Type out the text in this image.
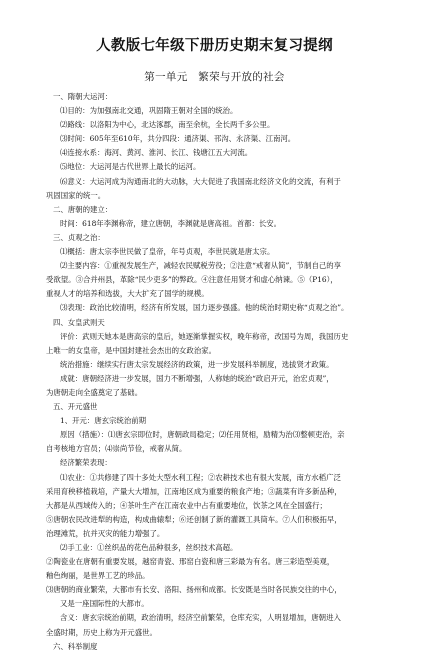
人教版七年级下册历史期末复习提纲
第一单元　繁荣与开放的社会

一、隋朝大运河：

⑴目的：为加强南北交通，巩固隋王朝对全国的统治。

⑵路线：以洛阳为中心，北达涿郡，南至余杭，全长两千多公里。

⑶时间：605年至610年，共分四段：通济渠、邗沟、永济渠、江南河。

⑷连接水系：海河、黄河、淮河、长江、钱塘江五大河流。

⑸地位：大运河是古代世界上最长的运河。

⑹意义：大运河成为沟通南北的大动脉，大大促进了我国南北经济文化的交流，有利于

巩固国家的统一。

二、唐朝的建立：

时间：618年李渊称帝，建立唐朝，李渊就是唐高祖。首都：长安。

三、贞观之治：

⑴概括：唐太宗李世民做了皇帝，年号贞观，李世民就是唐太宗。

⑵主要内容：①重视发展生产，减轻农民赋税劳役；②注意“戒奢从简”，节制自己的享

受欲望。③合并州县，革除“民少吏多”的弊政。④注意任用贤才和虚心纳谏。⑤（P16），

重视人才的培养和选拔，大大扩充了国学的规模。

⑶表现：政治比较清明，经济有所发展，国力逐步强盛。他的统治时期史称“贞观之治”。

四、女皇武则天

评价：武则天她本是唐高宗的皇后，她逐渐掌握实权，晚年称帝，改国号为周，我国历史

上唯一的女皇帝，是中国封建社会杰出的女政治家。

统治措施：继续实行唐太宗发展经济的政策，进一步发展科举制度，选拔贤才政策。

成就：唐朝经济进一步发展，国力不断增强，人称她的统治“政启开元，治宏贞观”，

为唐朝走向全盛奠定了基础。

五、开元盛世

1、开元：唐玄宗统治前期

原因（措施）：⑴唐玄宗即位时，唐朝政局稳定；⑵任用贤相，励精为治⑶整顿吏治，亲

自考核地方官员；⑷崇尚节俭，戒奢从简。

经济繁荣表现：

⑴农业：①共修建了四十多处大型水利工程；②农耕技术也有很大发展，南方水稻广泛

采用育秧移植栽培，产量大大增加，江南地区成为重要的粮食产地；③蔬菜有许多新品种，

大都是从西域传入的；④茶叶生产在江南农业中占有重要地位，饮茶之风在全国盛行；

⑤唐朝农民改进犁的构造，构成曲辕犁；⑥还创制了新的灌溉工具筒车。⑦人们积极拓早，

治理滩荒，抗并灭灾的能力增强了。

⑵手工业：①丝织品的花色品种很多，丝织技术高超。

②陶瓷业在唐朝有重要发展，越窑青瓷、邢窑白瓷和唐三彩最为有名。唐三彩造型美观，

釉色绚丽，是世界工艺的珍品。

⑶唐朝的商业繁荣，大都市有长安、洛阳、扬州和成都。长安既是当时各民族交往的中心，

又是一座国际性的大都市。

含义：唐玄宗统治前期，政治清明，经济空前繁荣，仓库充实，人明显增加，唐朝进入

全盛时期，历史上称为开元盛世。

六、科举制度
